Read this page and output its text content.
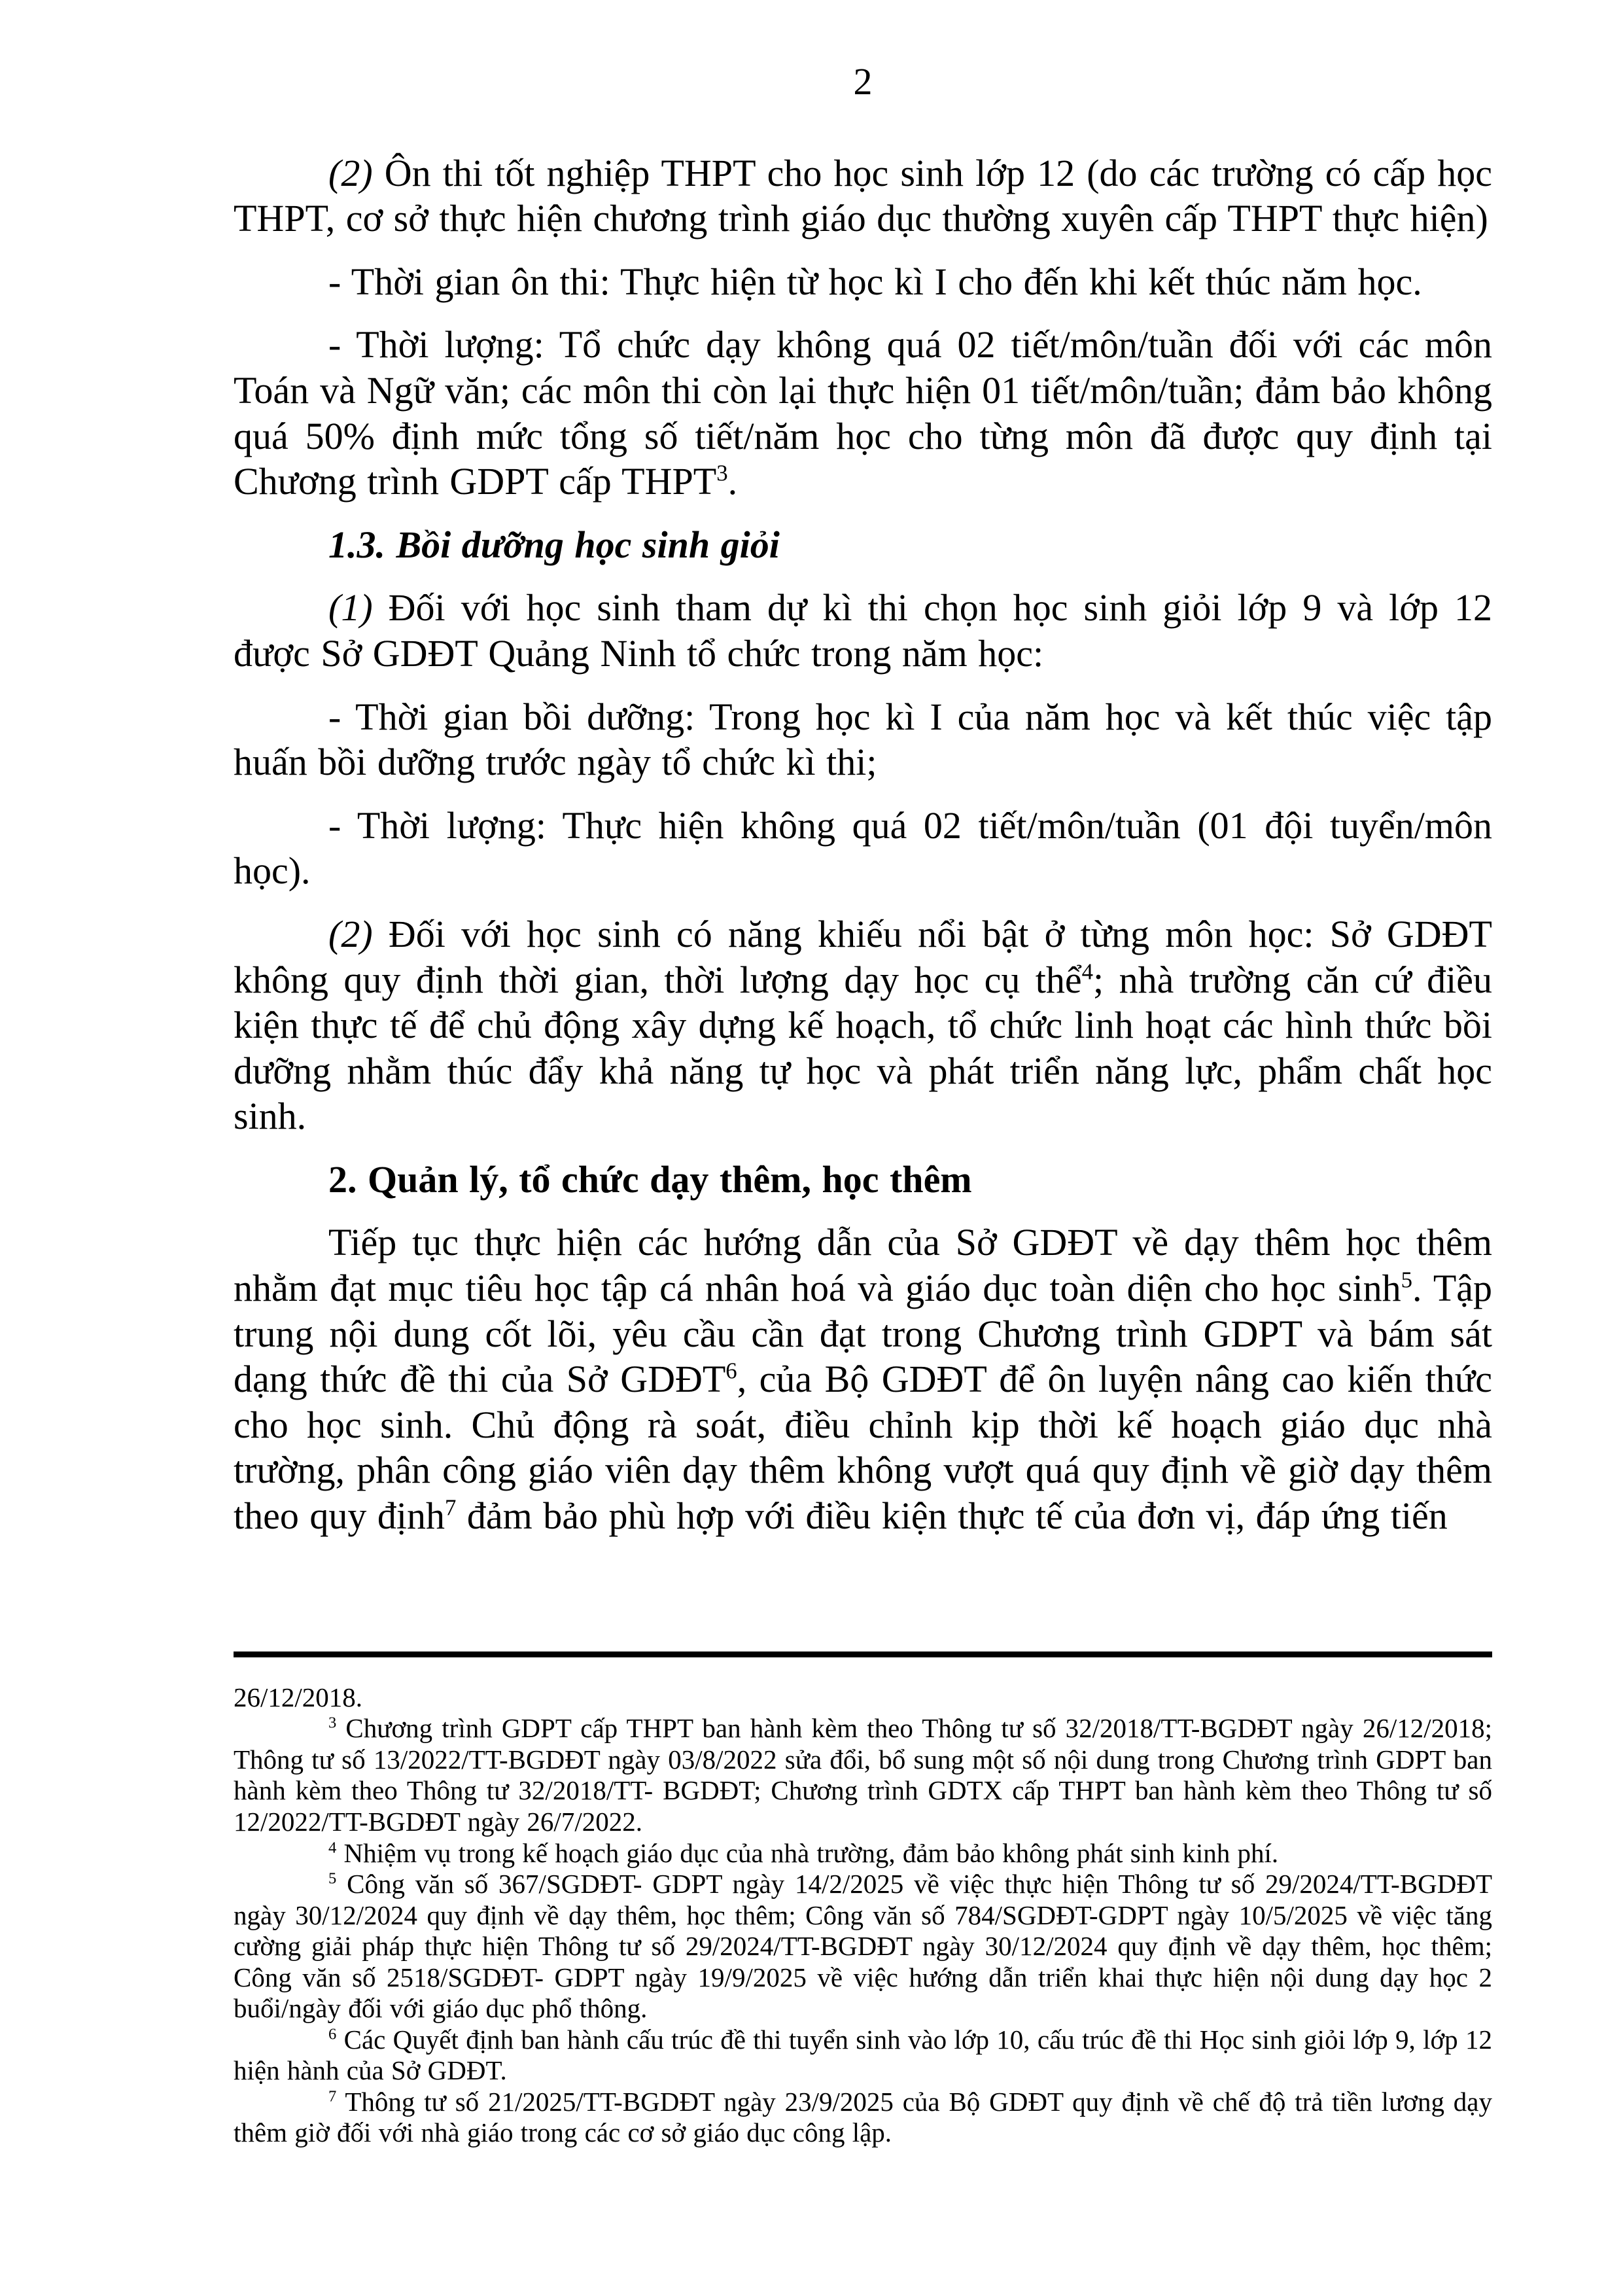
2

(2) Ôn thi tốt nghiệp THPT cho học sinh lớp 12 (do các trường có cấp học THPT, cơ sở thực hiện chương trình giáo dục thường xuyên cấp THPT thực hiện)

- Thời gian ôn thi: Thực hiện từ học kì I cho đến khi kết thúc năm học.

- Thời lượng: Tổ chức dạy không quá 02 tiết/môn/tuần đối với các môn Toán và Ngữ văn; các môn thi còn lại thực hiện 01 tiết/môn/tuần; đảm bảo không quá 50% định mức tổng số tiết/năm học cho từng môn đã được quy định tại Chương trình GDPT cấp THPT$^3$.

1.3. Bồi dưỡng học sinh giỏi

(1) Đối với học sinh tham dự kì thi chọn học sinh giỏi lớp 9 và lớp 12 được Sở GDĐT Quảng Ninh tổ chức trong năm học:

- Thời gian bồi dưỡng: Trong học kì I của năm học và kết thúc việc tập huấn bồi dưỡng trước ngày tổ chức kì thi;

- Thời lượng: Thực hiện không quá 02 tiết/môn/tuần (01 đội tuyển/môn học).

(2) Đối với học sinh có năng khiếu nổi bật ở từng môn học: Sở GDĐT không quy định thời gian, thời lượng dạy học cụ thể$^4$; nhà trường căn cứ điều kiện thực tế để chủ động xây dựng kế hoạch, tổ chức linh hoạt các hình thức bồi dưỡng nhằm thúc đẩy khả năng tự học và phát triển năng lực, phẩm chất học sinh.

2. Quản lý, tổ chức dạy thêm, học thêm

Tiếp tục thực hiện các hướng dẫn của Sở GDĐT về dạy thêm học thêm nhằm đạt mục tiêu học tập cá nhân hoá và giáo dục toàn diện cho học $\sinh^5$. Tập trung nội dung cốt lõi, yêu cầu cần đạt trong Chương trình GDPT và bám sát dạng thức đề thi của Sở GDĐT$^6$, của Bộ GDĐT để ôn luyện nâng cao kiến thức cho học sinh. Chủ động rà soát, điều chỉnh kịp thời kế hoạch giáo dục nhà trường, phân công giáo viên dạy thêm không vượt quá quy định về giờ dạy thêm theo quy định$^7$ đảm bảo phù hợp với điều kiện thực tế của đơn vị, đáp ứng tiến

26/12/2018.

$^3$ Chương trình GDPT cấp THPT ban hành kèm theo Thông tư số 32/2018/TT-BGDĐT ngày 26/12/2018; Thông tư số 13/2022/TT-BGDĐT ngày 03/8/2022 sửa đổi, bổ sung một số nội dung trong Chương trình GDPT ban hành kèm theo Thông tư 32/2018/TT- BGDĐT; Chương trình GDTX cấp THPT ban hành kèm theo Thông tư số 12/2022/TT-BGDĐT ngày 26/7/2022.

$^4$ Nhiệm vụ trong kế hoạch giáo dục của nhà trường, đảm bảo không phát sinh kinh phí.

$^5$ Công văn số 367/SGDĐT- GDPT ngày 14/2/2025 về việc thực hiện Thông tư số 29/2024/TT-BGDĐT ngày 30/12/2024 quy định về dạy thêm, học thêm; Công văn số 784/SGDĐT-GDPT ngày 10/5/2025 về việc tăng cường giải pháp thực hiện Thông tư số 29/2024/TT-BGDĐT ngày 30/12/2024 quy định về dạy thêm, học thêm; Công văn số 2518/SGDĐT- GDPT ngày 19/9/2025 về việc hướng dẫn triển khai thực hiện nội dung dạy học 2 buổi/ngày đối với giáo dục phổ thông.

$^6$ Các Quyết định ban hành cấu trúc đề thi tuyển sinh vào lớp 10, cấu trúc đề thi Học sinh giỏi lớp 9, lớp 12 hiện hành của Sở GDĐT.

$^7$ Thông tư số 21/2025/TT-BGDĐT ngày 23/9/2025 của Bộ GDĐT quy định về chế độ trả tiền lương dạy thêm giờ đối với nhà giáo trong các cơ sở giáo dục công lập.
